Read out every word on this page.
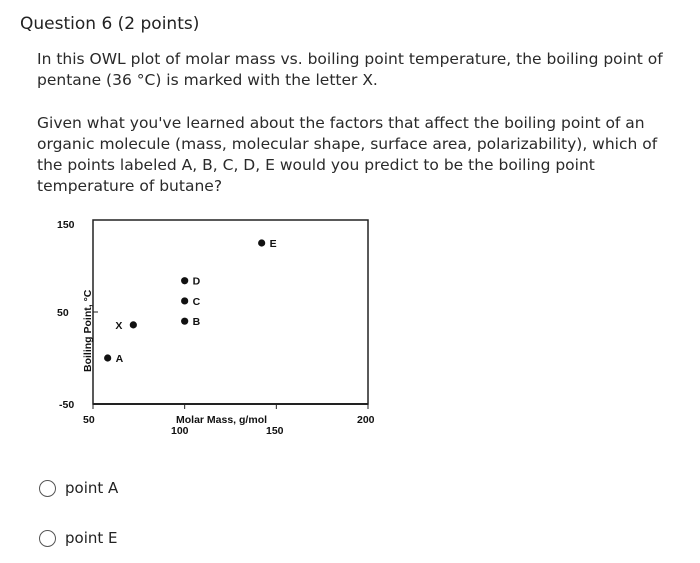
Question 6 (2 points)
In this OWL plot of molar mass vs. boiling point temperature, the boiling point of pentane (36 °C) is marked with the letter X.
Given what you've learned about the factors that affect the boiling point of an organic molecule (mass, molecular shape, surface area, polarizability), which of the points labeled A, B, C, D, E would you predict to be the boiling point temperature of butane?
150
50
-50
50
100	150
200
Molar Mass, g/mol
Boiling Point, °C X
A
B
C
D
E
point A
point E
